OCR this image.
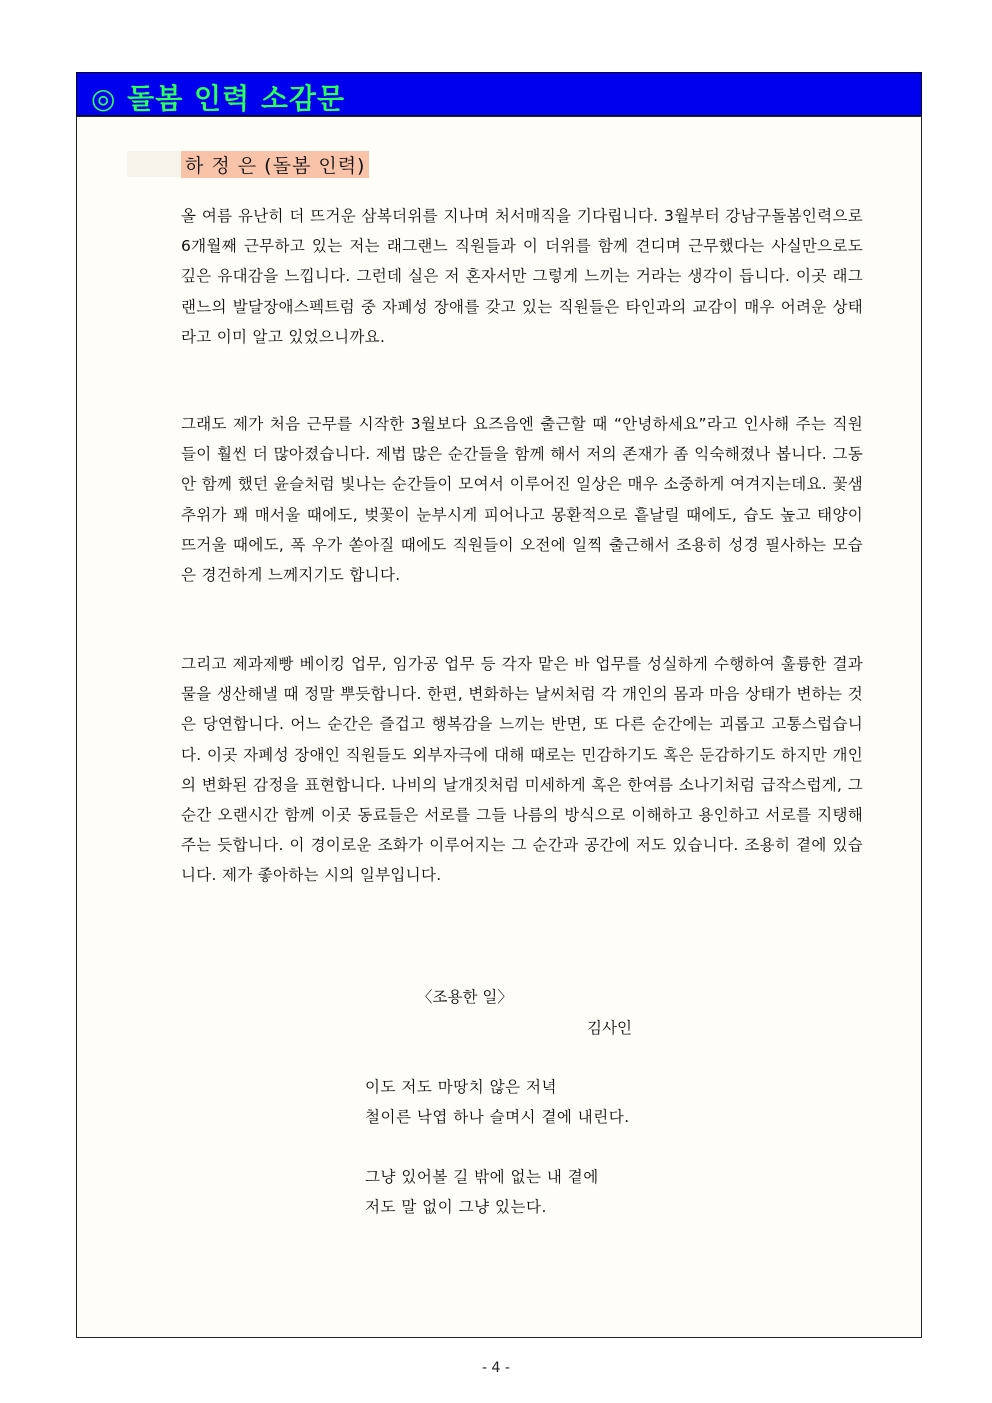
◎ 돌봄 인력 소감문
하 정 은 (돌봄 인력)

올 여름 유난히 더 뜨거운 삼복더위를 지나며 처서매직을 기다립니다. 3월부터 강남구돌봄인력으로 6개월째 근무하고 있는 저는 래그랜느 직원들과 이 더위를 함께 견디며 근무했다는 사실만으로도 깊은 유대감을 느낍니다. 그런데 실은 저 혼자서만 그렇게 느끼는 거라는 생각이 듭니다. 이곳 래그랜느의 발달장애스펙트럼 중 자폐성 장애를 갖고 있는 직원들은 타인과의 교감이 매우 어려운 상태라고 이미 알고 있었으니까요.

그래도 제가 처음 근무를 시작한 3월보다 요즈음엔 출근할 때 “안녕하세요”라고 인사해 주는 직원들이 훨씬 더 많아졌습니다. 제법 많은 순간들을 함께 해서 저의 존재가 좀 익숙해졌나 봅니다. 그동안 함께 했던 윤슬처럼 빛나는 순간들이 모여서 이루어진 일상은 매우 소중하게 여겨지는데요. 꽃샘 추위가 꽤 매서울 때에도, 벚꽃이 눈부시게 피어나고 몽환적으로 흩날릴 때에도, 습도 높고 태양이 뜨거울 때에도, 폭 우가 쏟아질 때에도 직원들이 오전에 일찍 출근해서 조용히 성경 필사하는 모습은 경건하게 느께지기도 합니다.

그리고 제과제빵 베이킹 업무, 임가공 업무 등 각자 맡은 바 업무를 성실하게 수행하여 훌륭한 결과물을 생산해낼 때 정말 뿌듯합니다. 한편, 변화하는 날씨처럼 각 개인의 몸과 마음 상태가 변하는 것은 당연합니다. 어느 순간은 즐겁고 행복감을 느끼는 반면, 또 다른 순간에는 괴롭고 고통스럽습니다. 이곳 자폐성 장애인 직원들도 외부자극에 대해 때로는 민감하기도 혹은 둔감하기도 하지만 개인의 변화된 감정을 표현합니다. 나비의 날개짓처럼 미세하게 혹은 한여름 소나기처럼 급작스럽게, 그순간 오랜시간 함께 이곳 동료들은 서로를 그들 나름의 방식으로 이해하고 용인하고 서로를 지탱해주는 듯합니다. 이 경이로운 조화가 이루어지는 그 순간과 공간에 저도 있습니다. 조용히 곁에 있습니다. 제가 좋아하는 시의 일부입니다.

〈조용한 일〉
김사인
이도 저도 마땅치 않은 저녁
철이른 낙엽 하나 슬며시 곁에 내린다.
그냥 있어볼 길 밖에 없는 내 곁에
저도 말 없이 그냥 있는다.
- 4 -
